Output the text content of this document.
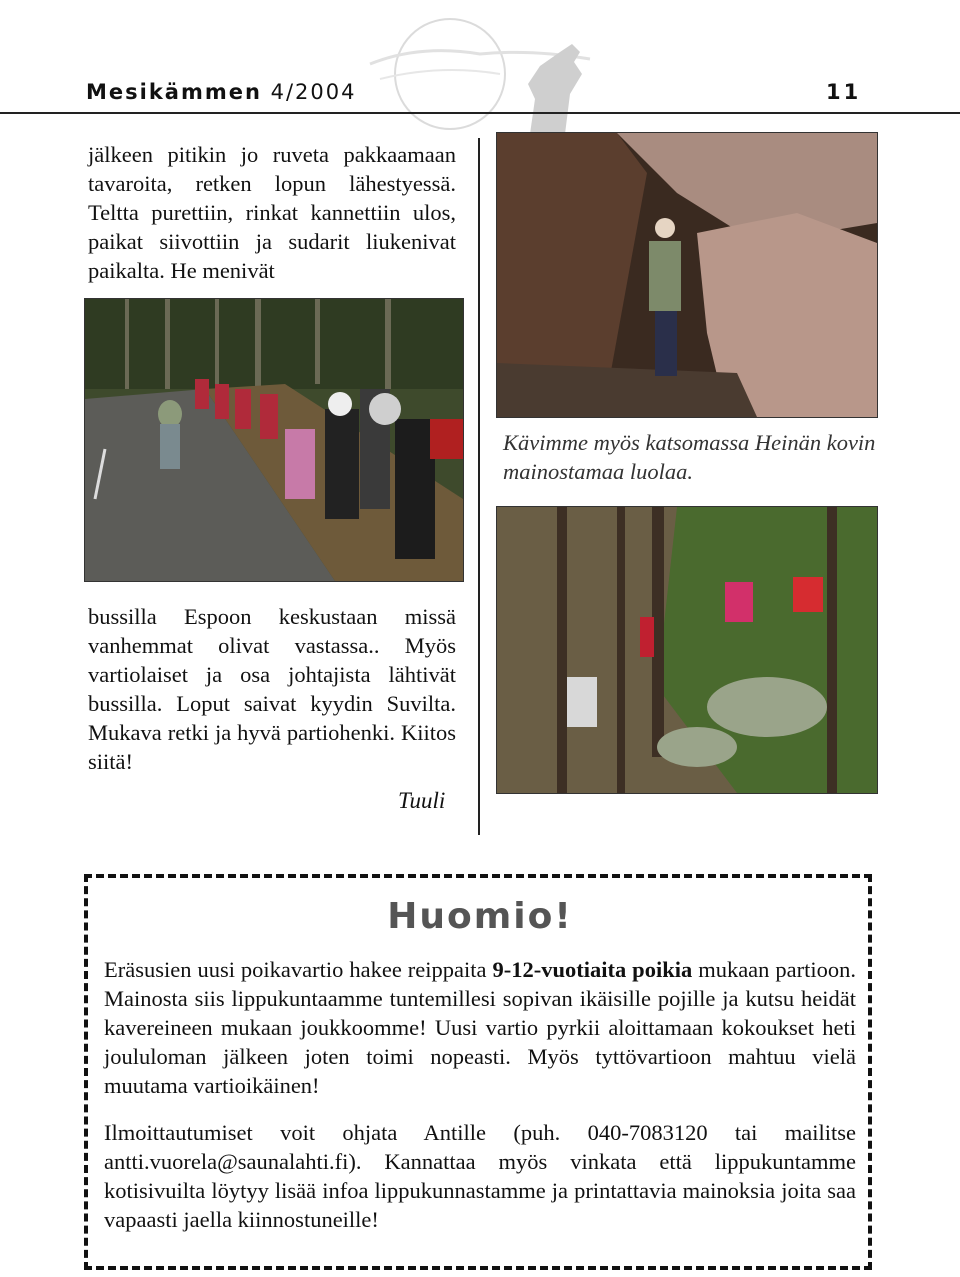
Mesikämmen 4/2004	11
jälkeen pitikin jo ruveta pakkaamaan tavaroita, retken lopun lähestyessä. Teltta purettiin, rinkat kannettiin ulos, paikat siivottiin ja sudarit liukenivat paikalta. He menivät
bussilla Espoon keskustaan missä vanhemmat olivat vastassa.. Myös vartiolaiset ja osa johtajista lähtivät bussilla. Loput saivat kyydin Suvilta. Mukava retki ja hyvä partiohenki. Kiitos siitä!
Tuuli
Kävimme myös katsomassa Heinän kovin mainostamaa luolaa.
Huomio!
Eräsusien uusi poikavartio hakee reippaita 9-12-vuotiaita poikia mukaan partioon. Mainosta siis lippukuntaamme tuntemillesi sopivan ikäisille pojille ja kutsu heidät kavereineen mukaan joukkoomme! Uusi vartio pyrkii aloittamaan kokoukset heti joululoman jälkeen joten toimi nopeasti. Myös tyttövartioon mahtuu vielä muutama vartioikäinen!
Ilmoittautumiset voit ohjata Antille (puh. 040-7083120 tai mailitse antti.vuorela@saunalahti.fi). Kannattaa myös vinkata että lippukuntamme kotisivuilta löytyy lisää infoa lippukunnastamme ja printattavia mainoksia joita saa vapaasti jaella kiinnostuneille!
